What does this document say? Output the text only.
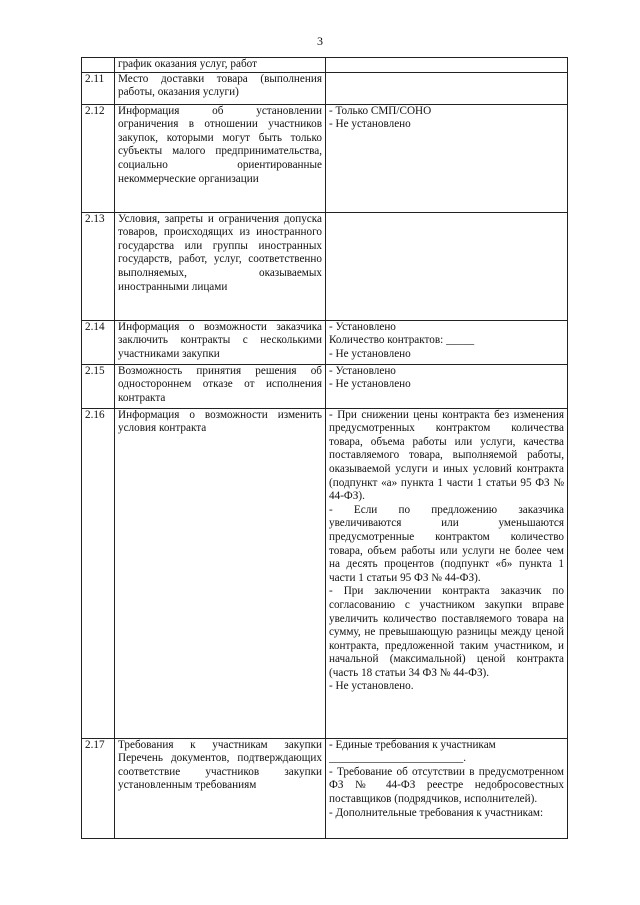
3
	график оказания услуг, работ	
2.11	Место доставки товара (выполнения работы, оказания услуги)	
2.12	Информация об установлении ограничения в отношении участников закупок, которыми могут быть только субъекты малого предпринимательства, социально ориентированные некоммерческие организации	- Только СМП/СОНО
- Не установлено

2.13	Условия, запреты и ограничения допуска товаров, происходящих из иностранного государства или группы иностранных государств, работ, услуг, соответственно выполняемых, оказываемых иностранными лицами	
2.14	Информация о возможности заказчика заключить контракты с несколькими участниками закупки	- Установлено
Количество контрактов: _____
- Не установлено

2.15	Возможность принятия решения об одностороннем отказе от исполнения контракта	- Установлено
- Не установлено

2.16	Информация о возможности изменить условия контракта	- При снижении цены контракта без изменения предусмотренных контрактом количества товара, объема работы или услуги, качества поставляемого товара, выполняемой работы, оказываемой услуги и иных условий контракта (подпункт «а» пункта 1 части 1 статьи 95 ФЗ № 44-ФЗ).
- Если по предложению заказчика увеличиваются или уменьшаются предусмотренные контрактом количество товара, объем работы или услуги не более чем на десять процентов (подпункт «б» пункта 1 части 1 статьи 95 ФЗ № 44-ФЗ).
- При заключении контракта заказчик по согласованию с участником закупки вправе увеличить количество поставляемого товара на сумму, не превышающую разницы между ценой контракта, предложенной таким участником, и начальной (максимальной) ценой контракта (часть 18 статьи 34 ФЗ № 44-ФЗ).
- Не установлено.

2.17	Требования к участникам закупки Перечень документов, подтверждающих соответствие участников закупки установленным требованиям	- Единые требования к участникам
________________________.
- Требование об отсутствии в предусмотренном ФЗ № 44-ФЗ реестре недобросовестных поставщиков (подрядчиков, исполнителей).
- Дополнительные требования к участникам:
